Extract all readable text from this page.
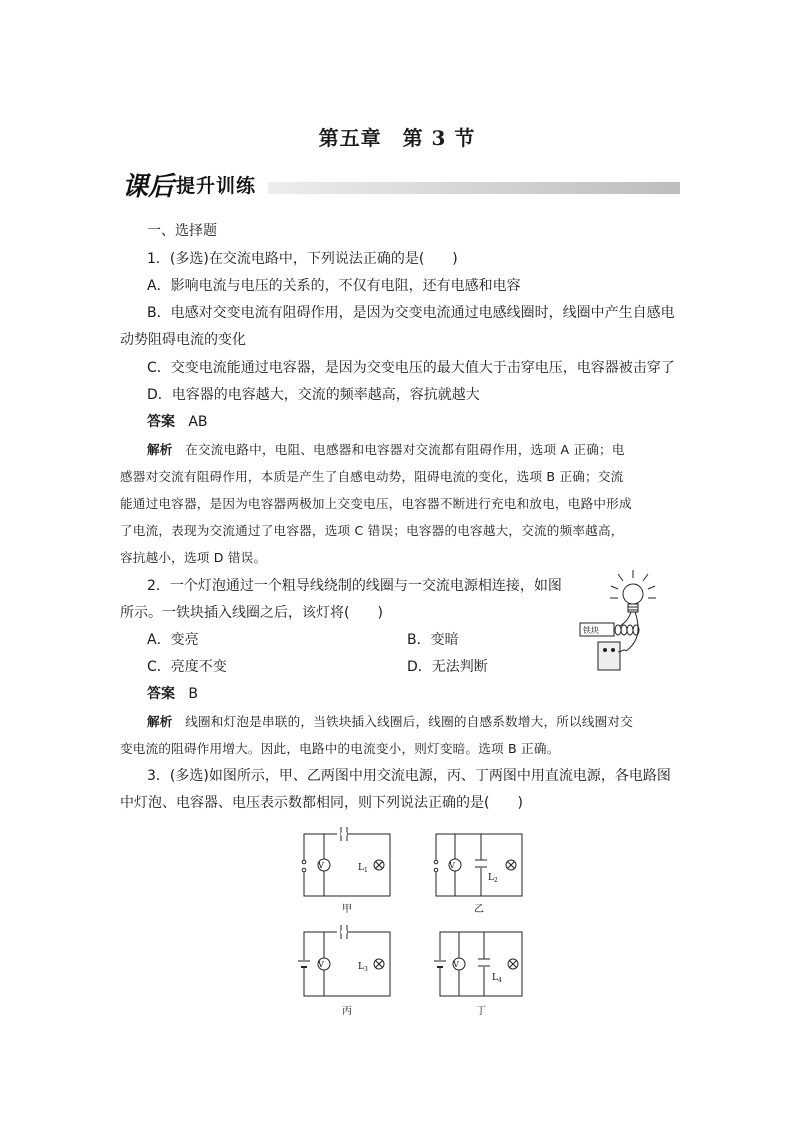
第五章　第 3 节
课后 提升训练
课后作业 · 日日清
一、选择题
1．(多选)在交流电路中，下列说法正确的是(　　)
A．影响电流与电压的关系的，不仅有电阻，还有电感和电容
B．电感对交变电流有阻碍作用，是因为交变电流通过电感线圈时，线圈中产生自感电
动势阻碍电流的变化
C．交变电流能通过电容器，是因为交变电压的最大值大于击穿电压，电容器被击穿了
D．电容器的电容越大，交流的频率越高，容抗就越大
答案 AB
解析 在交流电路中，电阻、电感器和电容器对交流都有阻碍作用，选项 A 正确；电
感器对交流有阻碍作用，本质是产生了自感电动势，阻碍电流的变化，选项 B 正确；交流
能通过电容器，是因为电容器两极加上交变电压，电容器不断进行充电和放电，电路中形成
了电流，表现为交流通过了电容器，选项 C 错误；电容器的电容越大，交流的频率越高，
容抗越小，选项 D 错误。
2．一个灯泡通过一个粗导线绕制的线圈与一交流电源相连接，如图
所示。一铁块插入线圈之后，该灯将(　　)
A．变亮	B．变暗
C．亮度不变	D．无法判断
答案 B
解析 线圈和灯泡是串联的，当铁块插入线圈后，线圈的自感系数增大，所以线圈对交
变电流的阻碍作用增大。因此，电路中的电流变小，则灯变暗。选项 B 正确。
铁块
3．(多选)如图所示，甲、乙两图中用交流电源，丙、丁两图中用直流电源，各电路图
中灯泡、电容器、电压表示数都相同，则下列说法正确的是(　　)
V	$L_1$
甲
V
$L_2$
乙
V	$L_3$
丙
V
$L_4$
丁
